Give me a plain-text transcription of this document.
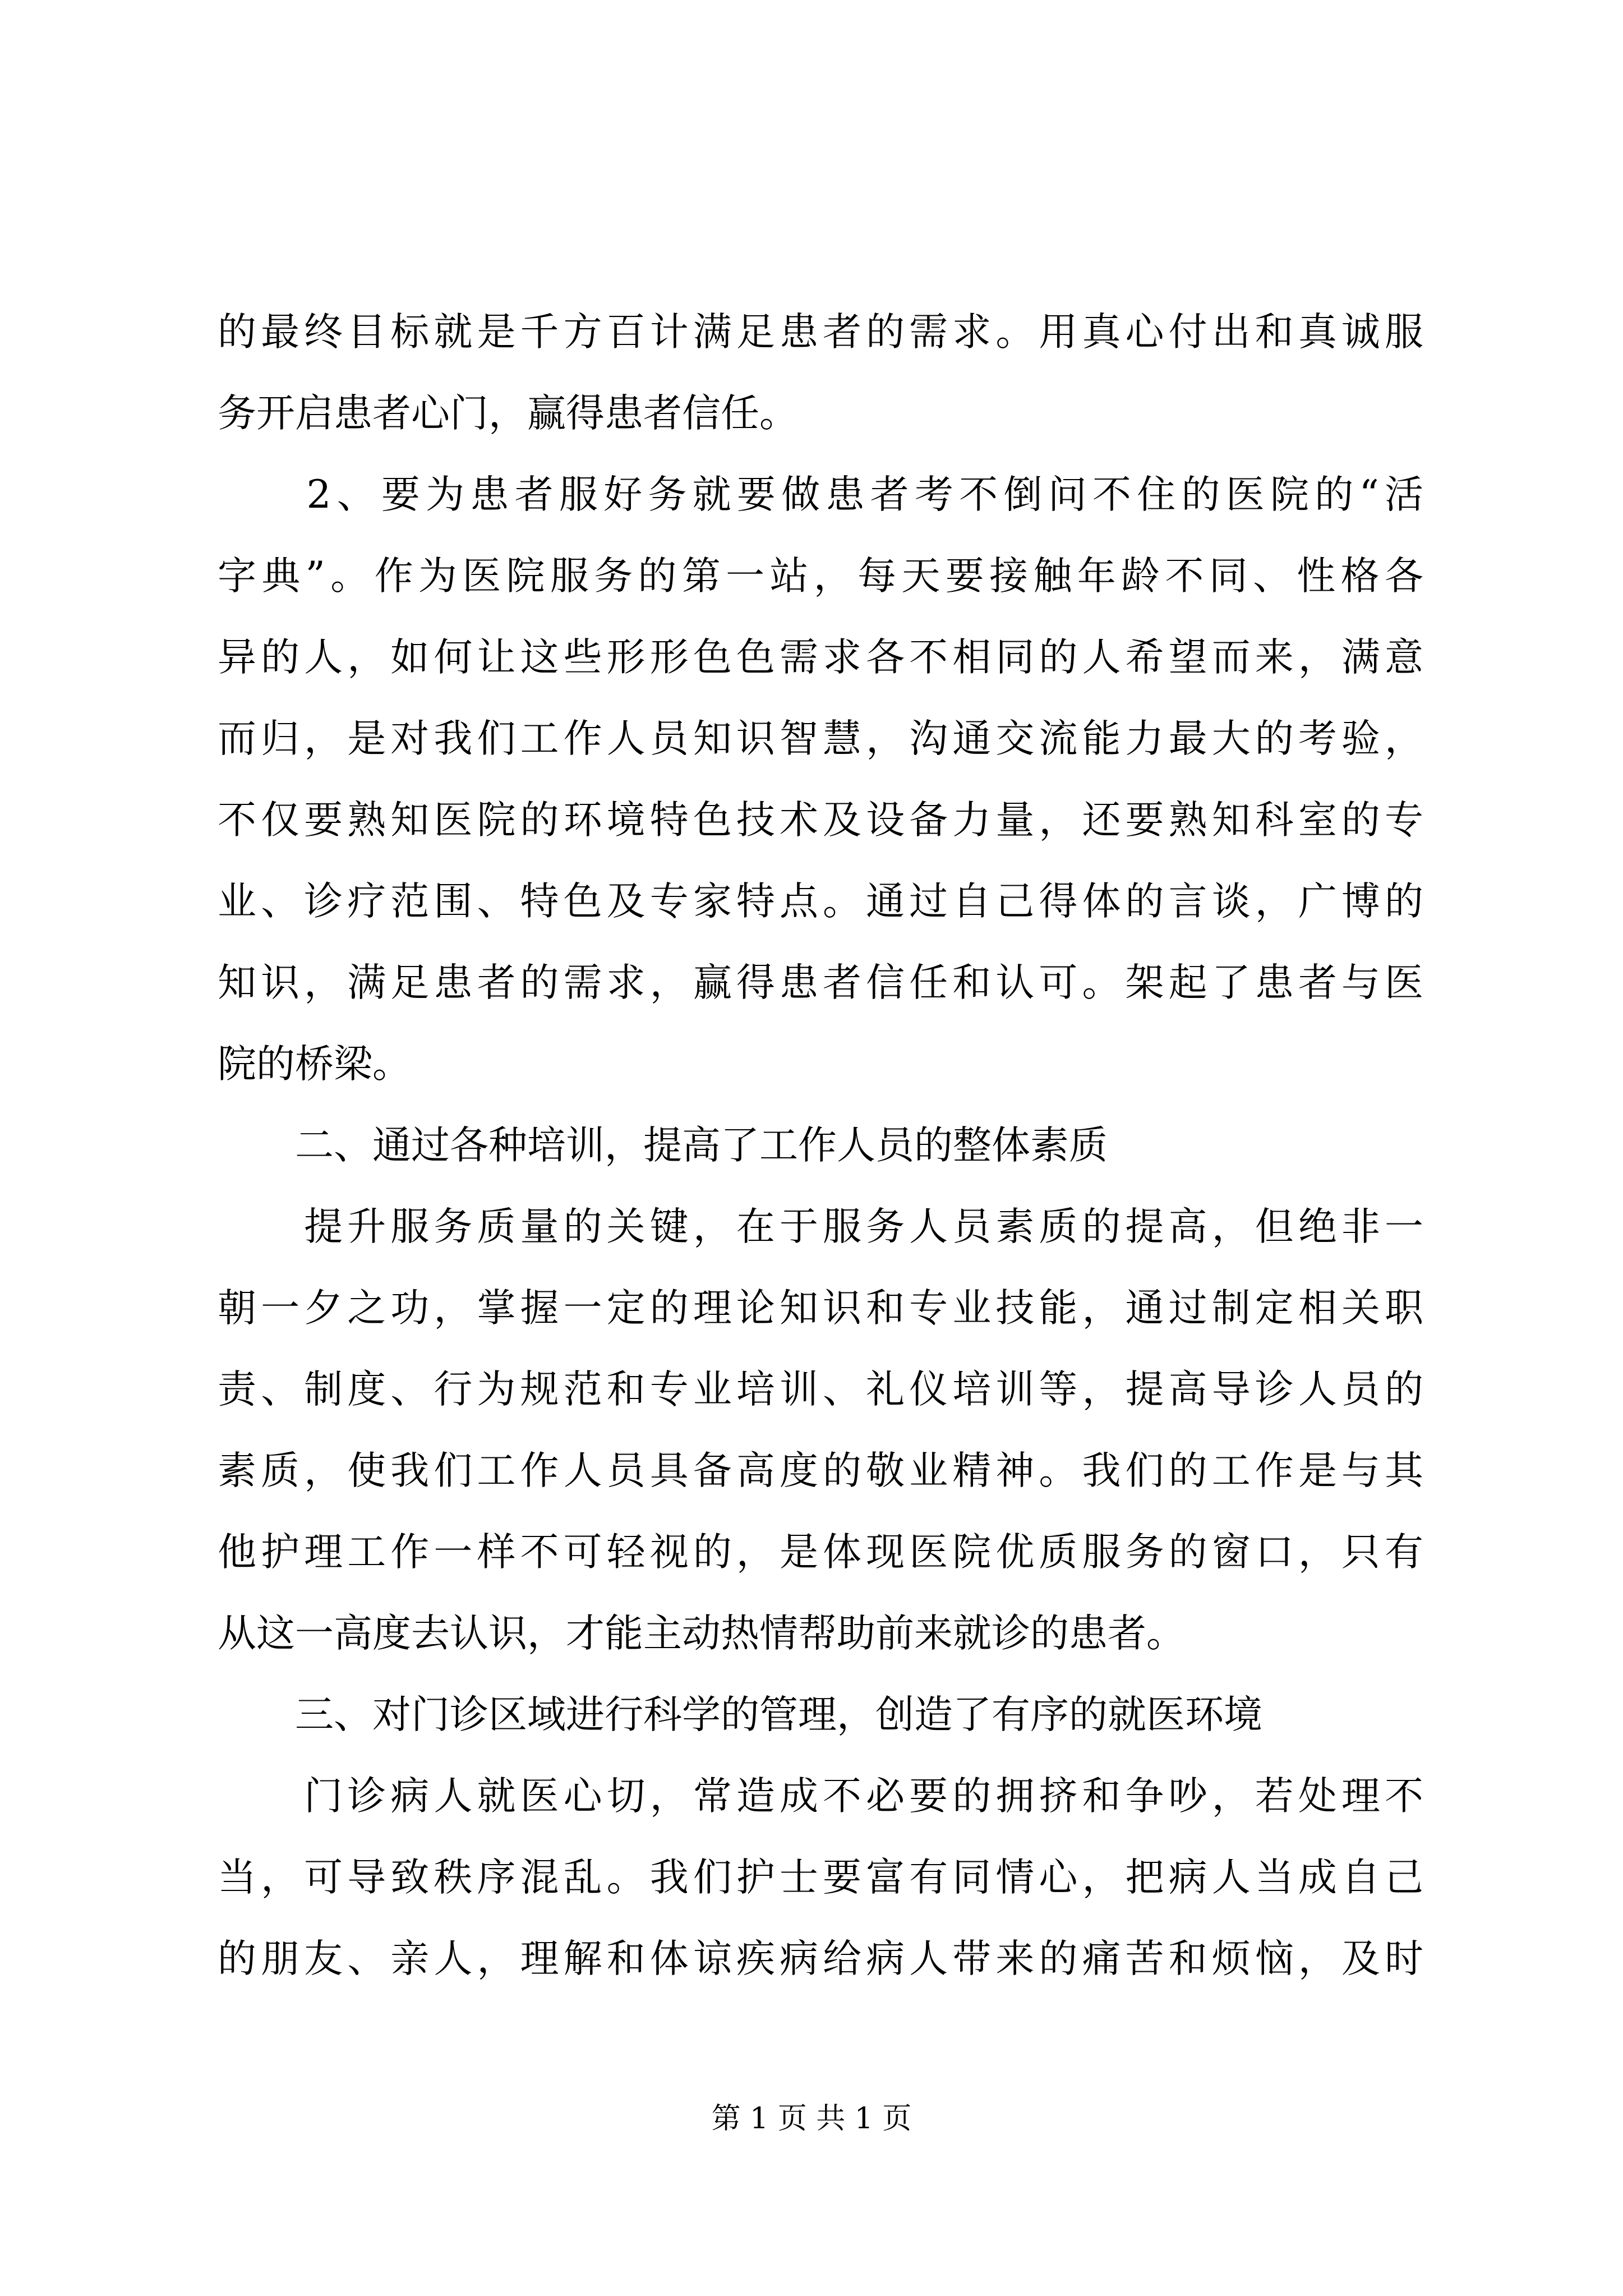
的最终目标就是千方百计满足患者的需求。用真心付出和真诚服
务开启患者心门，赢得患者信任。
　　2、要为患者服好务就要做患者考不倒问不住的医院的“活
字典”。作为医院服务的第一站，每天要接触年龄不同、性格各
异的人，如何让这些形形色色需求各不相同的人希望而来，满意
而归，是对我们工作人员知识智慧，沟通交流能力最大的考验，
不仅要熟知医院的环境特色技术及设备力量，还要熟知科室的专
业、诊疗范围、特色及专家特点。通过自己得体的言谈，广博的
知识，满足患者的需求，赢得患者信任和认可。架起了患者与医
院的桥梁。
　　二、通过各种培训，提高了工作人员的整体素质
　　提升服务质量的关键，在于服务人员素质的提高，但绝非一
朝一夕之功，掌握一定的理论知识和专业技能，通过制定相关职
责、制度、行为规范和专业培训、礼仪培训等，提高导诊人员的
素质，使我们工作人员具备高度的敬业精神。我们的工作是与其
他护理工作一样不可轻视的，是体现医院优质服务的窗口，只有
从这一高度去认识，才能主动热情帮助前来就诊的患者。
　　三、对门诊区域进行科学的管理，创造了有序的就医环境
　　门诊病人就医心切，常造成不必要的拥挤和争吵，若处理不
当，可导致秩序混乱。我们护士要富有同情心，把病人当成自己
的朋友、亲人，理解和体谅疾病给病人带来的痛苦和烦恼，及时
第 1 页 共 1 页
